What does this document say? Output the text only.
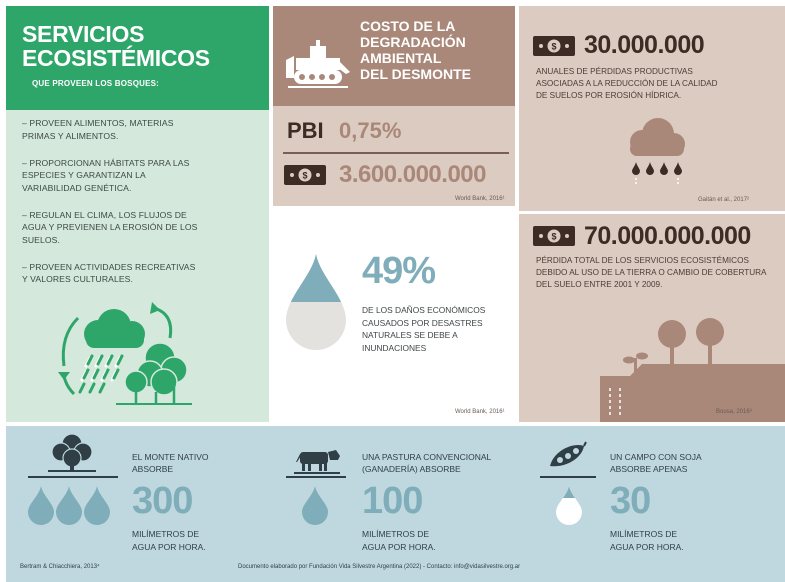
SERVICIOS
ECOSISTÉMICOS
QUE PROVEEN LOS BOSQUES:
– PROVEEN ALIMENTOS, MATERIAS PRIMAS Y ALIMENTOS.
– PROPORCIONAN HÁBITATS PARA LAS ESPECIES Y GARANTIZAN LA VARIABILIDAD GENÉTICA.
– REGULAN EL CLIMA, LOS FLUJOS DE AGUA Y PREVIENEN LA EROSIÓN DE LOS SUELOS.
– PROVEEN ACTIVIDADES RECREATIVAS Y VALORES CULTURALES.
COSTO DE LA
DEGRADACIÓN
AMBIENTAL
DEL DESMONTE
PBI 0,75%
$ 3.600.000.000
World Bank, 2016¹
49%
DE LOS DAÑOS ECONÓMICOS CAUSADOS POR DESASTRES NATURALES SE DEBE A INUNDACIONES
World Bank, 2016¹
$ 30.000.000
ANUALES DE PÉRDIDAS PRODUCTIVAS ASOCIADAS A LA REDUCCIÓN DE LA CALIDAD DE SUELOS POR EROSIÓN HÍDRICA.
Gaitán et al., 2017²
$ 70.000.000.000
PÉRDIDA TOTAL DE LOS SERVICIOS ECOSISTÉMICOS DEBIDO AL USO DE LA TIERRA O CAMBIO DE COBERTURA DEL SUELO ENTRE 2001 Y 2009.
Bousa, 2016³
EL MONTE NATIVO
ABSORBE
300
MILÍMETROS DE
AGUA POR HORA.
UNA PASTURA CONVENCIONAL
(GANADERÍA) ABSORBE
100
MILÍMETROS DE
AGUA POR HORA.
UN CAMPO CON SOJA
ABSORBE APENAS
30
MILÍMETROS DE
AGUA POR HORA.
Bertram & Chiacchiera, 2013⁴	Documento elaborado por Fundación Vida Silvestre Argentina (2022) - Contacto: info@vidasilvestre.org.ar
